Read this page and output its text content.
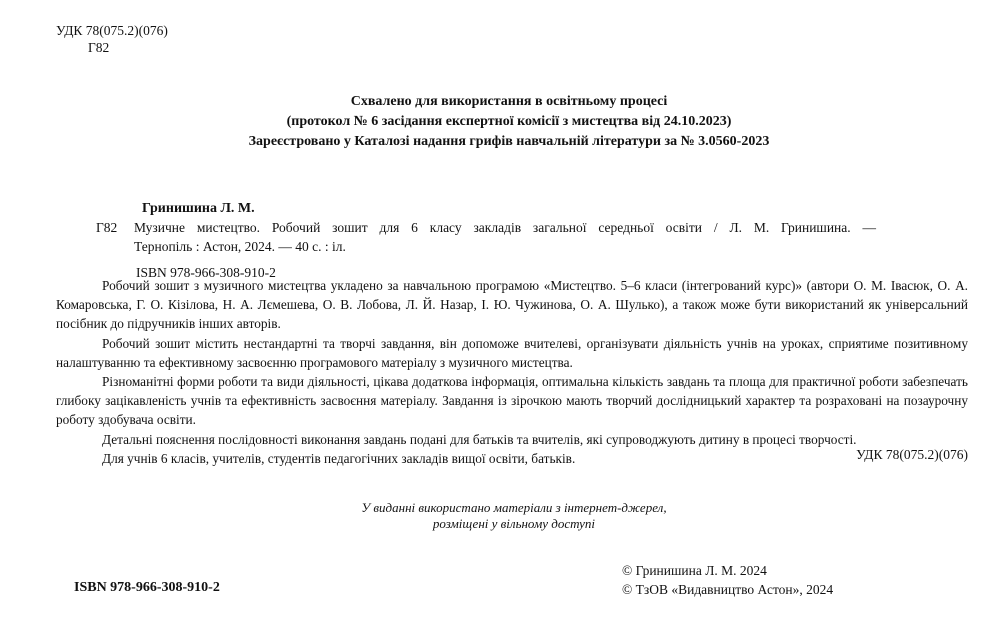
УДК 78(075.2)(076)
Г82
Схвалено для використання в освітньому процесі
(протокол № 6 засідання експертної комісії з мистецтва від 24.10.2023)
Зареєстровано у Каталозі надання грифів навчальній літератури за № 3.0560-2023
Гринишина Л. М.
Г82	Музичне мистецтво. Робочий зошит для 6 класу закладів загальної середньої освіти / Л. М. Гринишина. —
Тернопіль : Астон, 2024. — 40 с. : іл.
ISBN 978-966-308-910-2

Робочий зошит з музичного мистецтва укладено за навчальною програмою «Мистецтво. 5–6 класи (інтегрований курс)» (автори О. М. Івасюк, О. А. Комаровська, Г. О. Кізілова, Н. А. Лємешева, О. В. Лобова, Л. Й. Назар, І. Ю. Чужинова, О. А. Шулько), а також може бути використаний як універсальний посібник до підручників інших авторів.

Робочий зошит містить нестандартні та творчі завдання, він допоможе вчителеві, організувати діяльність учнів на уроках, сприятиме позитивному налаштуванню та ефективному засвоєнню програмового матеріалу з музичного мистецтва.

Різноманітні форми роботи та види діяльності, цікава додаткова інформація, оптимальна кількість завдань та площа для практичної роботи забезпечать глибоку зацікавленість учнів та ефективність засвоєння матеріалу. Завдання із зірочкою мають творчий дослідницький характер та розраховані на позаурочну роботу здобувача освіти.

Детальні пояснення послідовності виконання завдань подані для батьків та вчителів, які супроводжують дитину в процесі творчості.

Для учнів 6 класів, учителів, студентів педагогічних закладів вищої освіти, батьків.	УДК 78(075.2)(076)
У виданні використано матеріали з інтернет-джерел,
розміщені у вільному доступі
ISBN 978-966-308-910-2
© Гринишина Л. М. 2024
© ТзОВ «Видавництво Астон», 2024
